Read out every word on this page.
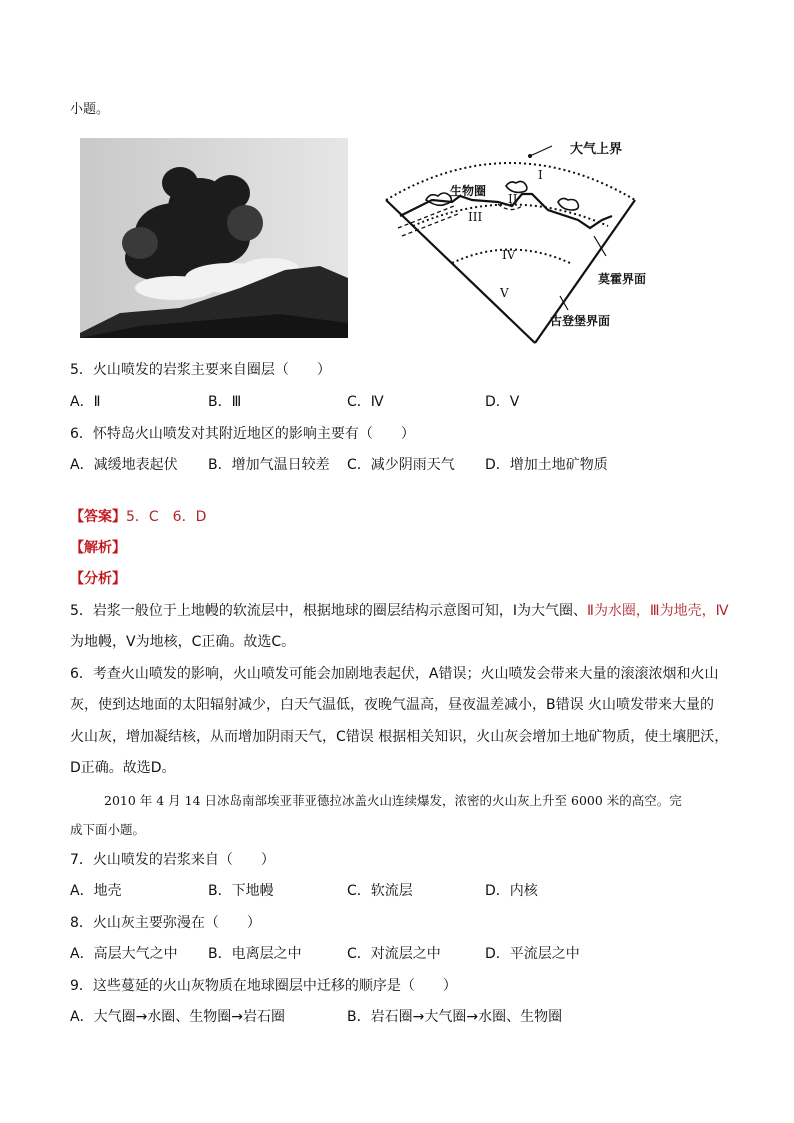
小题。
大气上界
生物圈
I
II
III
IV
V
莫霍界面
古登堡界面
5．火山喷发的岩浆主要来自圈层（　　）
A．Ⅱ	B．Ⅲ	C．Ⅳ	D．Ⅴ
6．怀特岛火山喷发对其附近地区的影响主要有（　　）
A．减缓地表起伏 B．增加气温日较差 C．减少阴雨天气 D．增加土地矿物质
【答案】5．C　6．D
【解析】
【分析】
5．岩浆一般位于上地幔的软流层中，根据地球的圈层结构示意图可知，Ⅰ为大气圈、Ⅱ为水圈，Ⅲ为地壳，Ⅳ
为地幔，Ⅴ为地核，C正确。故选C。
6．考查火山喷发的影响，火山喷发可能会加剧地表起伏，A错误；火山喷发会带来大量的滚滚浓烟和火山
灰，使到达地面的太阳辐射减少，白天气温低，夜晚气温高，昼夜温差减小，B错误 火山喷发带来大量的
火山灰，增加凝结核，从而增加阴雨天气，C错误 根据相关知识，火山灰会增加土地矿物质，使土壤肥沃，
D正确。故选D。
2010 年 4 月 14 日冰岛南部埃亚菲亚德拉冰盖火山连续爆发，浓密的火山灰上升至 6000 米的高空。完
成下面小题。
7．火山喷发的岩浆来自（　　）
A．地壳	B．下地幔	C．软流层	D．内核
8．火山灰主要弥漫在（　　）
A．高层大气之中 B．电离层之中	C．对流层之中	D．平流层之中
9．这些蔓延的火山灰物质在地球圈层中迁移的顺序是（　　）
A．大气圈→水圈、生物圈→岩石圈	B．岩石圈→大气圈→水圈、生物圈
